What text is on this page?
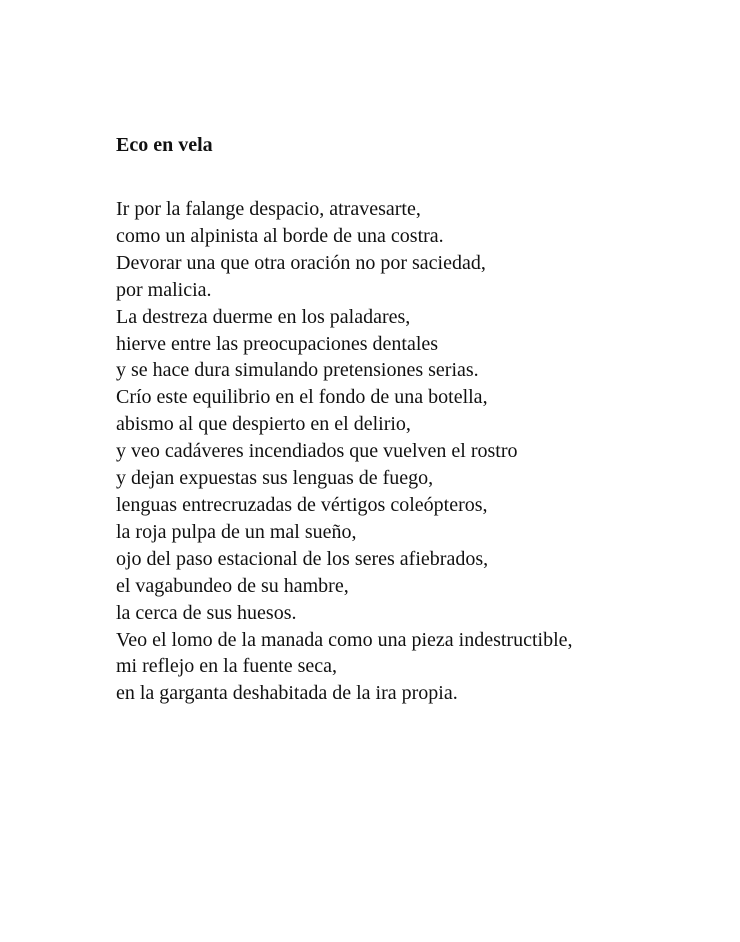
Eco en vela
Ir por la falange despacio, atravesarte,
como un alpinista al borde de una costra.
Devorar una que otra oración no por saciedad,
por malicia.
La destreza duerme en los paladares,
hierve entre las preocupaciones dentales
y se hace dura simulando pretensiones serias.
Crío este equilibrio en el fondo de una botella,
abismo al que despierto en el delirio,
y veo cadáveres incendiados que vuelven el rostro
y dejan expuestas sus lenguas de fuego,
lenguas entrecruzadas de vértigos coleópteros,
la roja pulpa de un mal sueño,
ojo del paso estacional de los seres afiebrados,
el vagabundeo de su hambre,
la cerca de sus huesos.
Veo el lomo de la manada como una pieza indestructible,
mi reflejo en la fuente seca,
en la garganta deshabitada de la ira propia.
